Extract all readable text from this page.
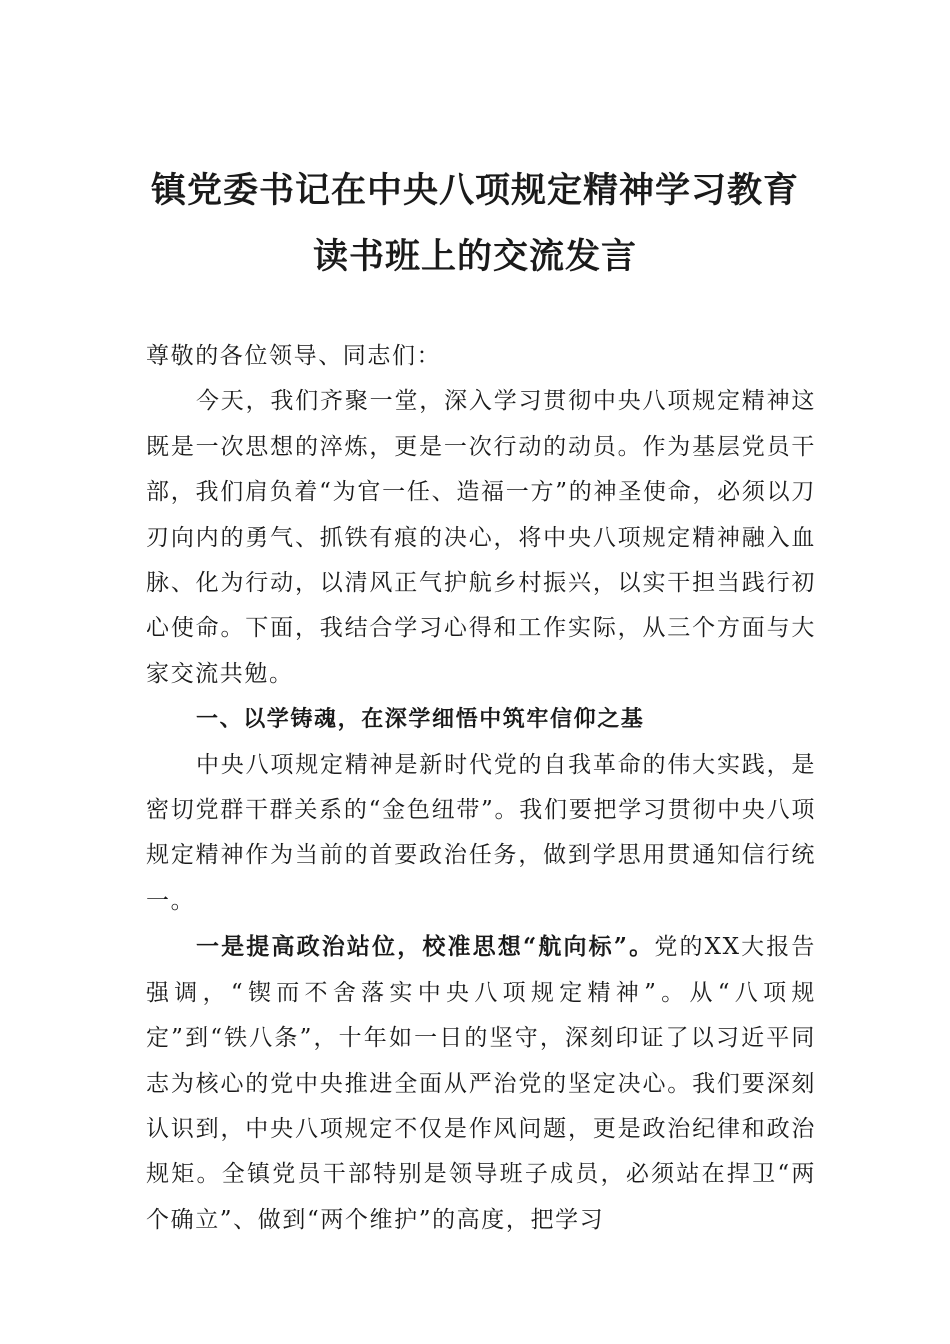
镇党委书记在中央八项规定精神学习教育
读书班上的交流发言

尊敬的各位领导、同志们：

今天，我们齐聚一堂，深入学习贯彻中央八项规定精神这既是一次思想的淬炼，更是一次行动的动员。作为基层党员干部，我们肩负着“为官一任、造福一方”的神圣使命，必须以刀刃向内的勇气、抓铁有痕的决心，将中央八项规定精神融入血脉、化为行动，以清风正气护航乡村振兴，以实干担当践行初心使命。下面，我结合学习心得和工作实际，从三个方面与大家交流共勉。

一、以学铸魂，在深学细悟中筑牢信仰之基

中央八项规定精神是新时代党的自我革命的伟大实践，是密切党群干群关系的“金色纽带”。我们要把学习贯彻中央八项规定精神作为当前的首要政治任务，做到学思用贯通知信行统一。

一是提高政治站位，校准思想“航向标”。党的XX大报告强调，“锲而不舍落实中央八项规定精神”。从“八项规定”到“铁八条”，十年如一日的坚守，深刻印证了以习近平同志为核心的党中央推进全面从严治党的坚定决心。我们要深刻认识到，中央八项规定不仅是作风问题，更是政治纪律和政治规矩。全镇党员干部特别是领导班子成员，必须站在捍卫“两个确立”、做到“两个维护”的高度，把学习
